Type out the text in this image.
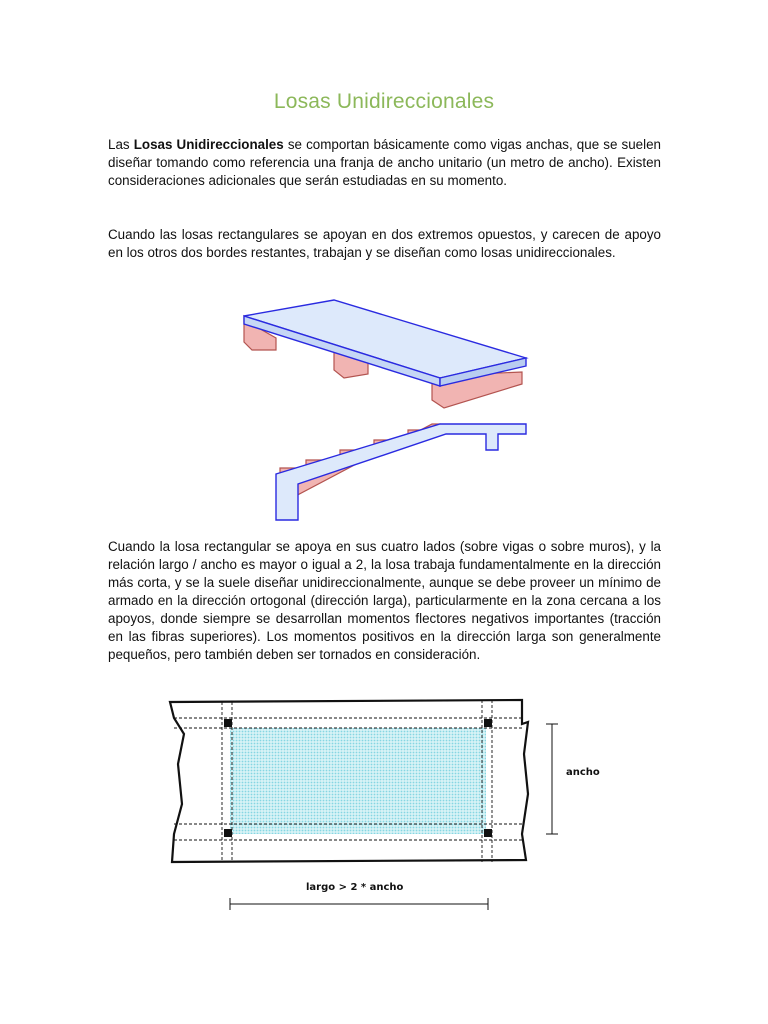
Losas Unidireccionales
Las Losas Unidireccionales se comportan básicamente como vigas anchas, que se suelen diseñar tomando como referencia una franja de ancho unitario (un metro de ancho). Existen consideraciones adicionales que serán estudiadas en su momento.
Cuando las losas rectangulares se apoyan en dos extremos opuestos, y carecen de apoyo en los otros dos bordes restantes, trabajan y se diseñan como losas unidireccionales.
Cuando la losa rectangular se apoya en sus cuatro lados (sobre vigas o sobre muros), y la relación largo / ancho es mayor o igual a 2, la losa trabaja fundamentalmente en la dirección más corta, y se la suele diseñar unidireccionalmente, aunque se debe proveer un mínimo de armado en la dirección ortogonal (dirección larga), particularmente en la zona cercana a los apoyos, donde siempre se desarrollan momentos flectores negativos importantes (tracción en las fibras superiores). Los momentos positivos en la dirección larga son generalmente pequeños, pero también deben ser tornados en consideración.
ancho
largo > 2 * ancho
